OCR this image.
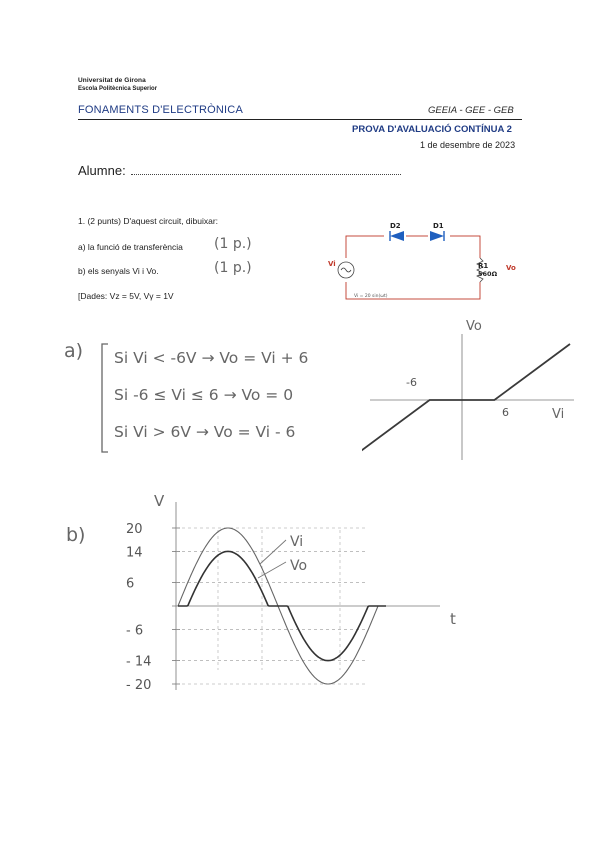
Universitat de Girona
Escola Politècnica Superior
FONAMENTS D'ELECTRÒNICA	GEEIA - GEE - GEB
PROVA D'AVALUACIÓ CONTÍNUA 2
1 de desembre de 2023
Alumne:
1. (2 punts) D'aquest circuit, dibuixar:
a) la funció de transferència (1 p.)
b) els senyals Vi i Vo.	(1 p.)
[Dades: Vz = 5V, Vγ = 1V
D2	D1
Vi
Vi = 20 sin(ωt)
R1
560Ω
Vo
a) Si Vi < -6V → Vo = Vi + 6
Si -6 ≤ Vi ≤ 6 → Vo = 0
Si Vi > 6V → Vo = Vi - 6
Vo
Vi
-6
6
b)
V
t
20
14
6
- 6
- 14
- 20
Vi
Vo
